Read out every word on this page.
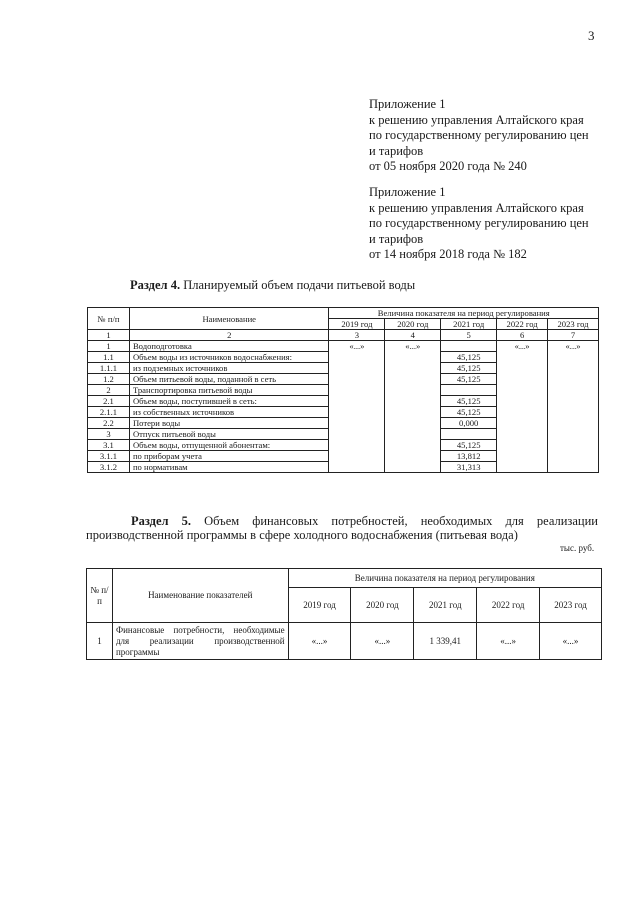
3
Приложение 1
к решению управления Алтайского края
по государственному регулированию цен
и тарифов
от 05 ноября 2020 года № 240
Приложение 1
к решению управления Алтайского края
по государственному регулированию цен
и тарифов
от 14 ноября 2018 года № 182
Раздел 4. Планируемый объем подачи питьевой воды
№ п/п	Наименование	Величина показателя на период регулирования				
		2019 год	2020 год	2021 год	2022 год	2023 год
1	2	3	4	5	6	7
1	Водоподготовка	«...»	«...»		«...»	«...»
1.1	Объем воды из источников водоснабжения:			45,125		
1.1.1	из подземных источников			45,125		
1.2	Объем питьевой воды, поданной в сеть			45,125		
2	Транспортировка питьевой воды					
2.1	Объем воды, поступившей в сеть:			45,125		
2.1.1	из собственных источников			45,125		
2.2	Потери воды			0,000		
3	Отпуск питьевой воды					
3.1	Объем воды, отпущенной абонентам:			45,125		
3.1.1	по приборам учета			13,812		
3.1.2	по нормативам			31,313		
Раздел 5. Объем финансовых потребностей, необходимых для реализации
производственной программы в сфере холодного водоснабжения (питьевая вода)
тыс. руб.
№ п/п	Наименование показателей	Величина показателя на период регулирования				
		2019 год	2020 год	2021 год	2022 год	2023 год
1	Финансовые потребности, необходимые для реализации производственной программы	«...»	«...»	1 339,41	«...»	«...»
